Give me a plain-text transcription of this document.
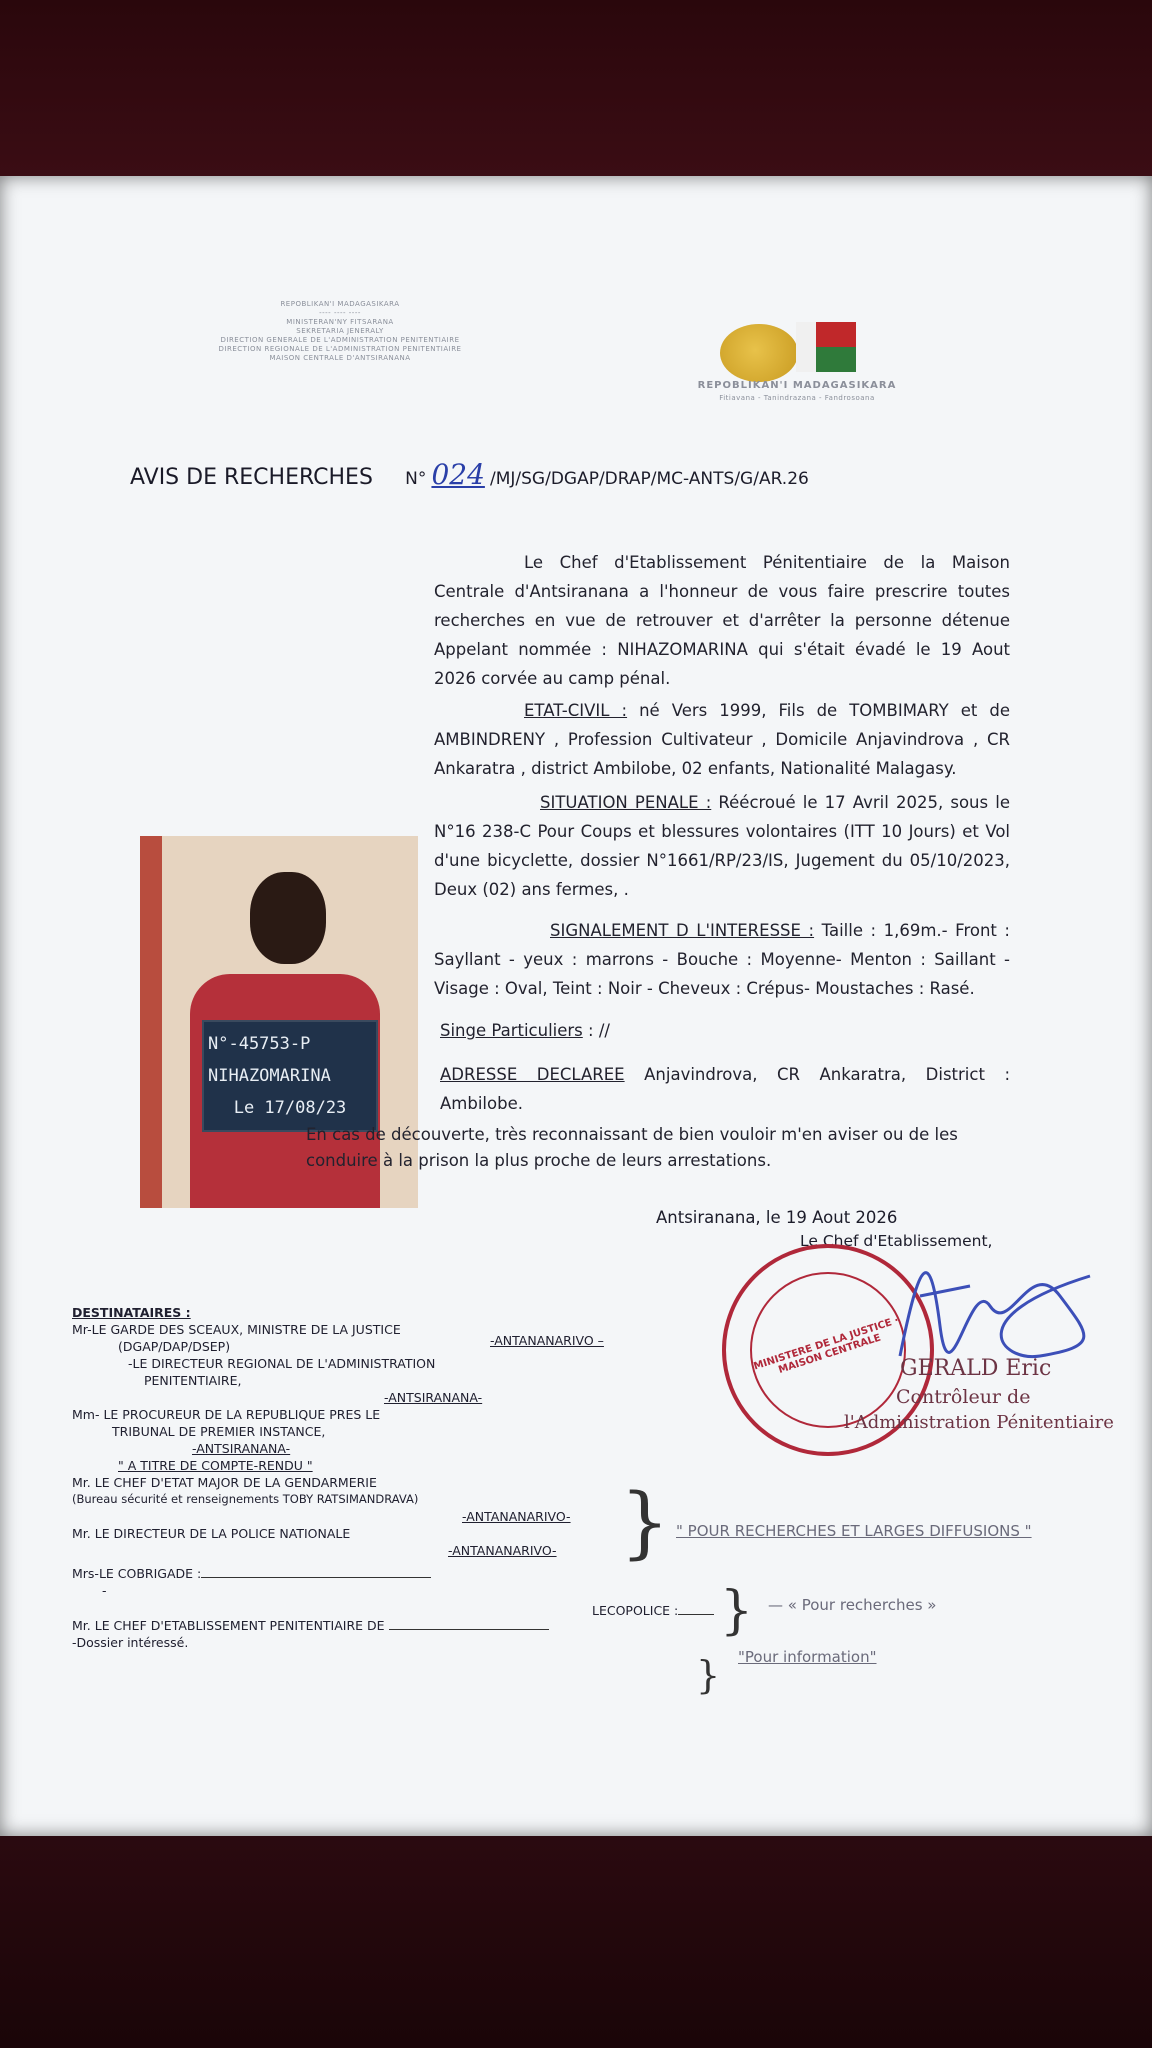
REPOBLIKAN'I MADAGASIKARA
---- ---- ----
MINISTERAN'NY FITSARANA
SEKRETARIA JENERALY
DIRECTION GENERALE DE L'ADMINISTRATION PENITENTIAIRE
DIRECTION REGIONALE DE L'ADMINISTRATION PENITENTIAIRE
MAISON CENTRALE D'ANTSIRANANA
REPOBLIKAN'I MADAGASIKARA
Fitiavana - Tanindrazana - Fandrosoana
AVIS DE RECHERCHES N° 024 /MJ/SG/DGAP/DRAP/MC-ANTS/G/AR.26
Le Chef d'Etablissement Pénitentiaire de la Maison Centrale d'Antsiranana a l'honneur de vous faire prescrire toutes recherches en vue de retrouver et d'arrêter la personne détenue Appelant nommée : NIHAZOMARINA qui s'était évadé le 19 Aout 2026 corvée au camp pénal.
N°-45753-P
NIHAZOMARINA
Le 17/08/23
ETAT-CIVIL : né Vers 1999, Fils de TOMBIMARY et de AMBINDRENY , Profession Cultivateur , Domicile Anjavindrova , CR Ankaratra , district Ambilobe, 02 enfants, Nationalité Malagasy.
SITUATION PENALE : Réécroué le 17 Avril 2025, sous le N°16 238-C Pour Coups et blessures volontaires (ITT 10 Jours) et Vol d'une bicyclette, dossier N°1661/RP/23/IS, Jugement du 05/10/2023, Deux (02) ans fermes, .
SIGNALEMENT D L'INTERESSE : Taille : 1,69m.- Front : Sayllant - yeux : marrons - Bouche : Moyenne- Menton : Saillant - Visage : Oval, Teint : Noir - Cheveux : Crépus- Moustaches : Rasé.
Singe Particuliers : //
ADRESSE DECLAREE Anjavindrova, CR Ankaratra, District : Ambilobe.
En cas de découverte, très reconnaissant de bien vouloir m'en aviser ou de les conduire à la prison la plus proche de leurs arrestations.
Antsiranana, le 19 Aout 2026
Le Chef d'Etablissement,
MINISTERE DE LA JUSTICE · MAISON CENTRALE GERALD Eric
Contrôleur de
l'Administration Pénitentiaire
DESTINATAIRES :
Mr-LE GARDE DES SCEAUX, MINISTRE DE LA JUSTICE
(DGAP/DAP/DSEP)	-ANTANANARIVO –
-LE DIRECTEUR REGIONAL DE L'ADMINISTRATION
PENITENTIAIRE,
-ANTSIRANANA-
Mm- LE PROCUREUR DE LA REPUBLIQUE PRES LE
TRIBUNAL DE PREMIER INSTANCE,
-ANTSIRANANA-
" A TITRE DE COMPTE-RENDU "
Mr. LE CHEF D'ETAT MAJOR DE LA GENDARMERIE
(Bureau sécurité et renseignements TOBY RATSIMANDRAVA)
-ANTANANARIVO-
Mr. LE DIRECTEUR DE LA POLICE NATIONALE
-ANTANANARIVO-
Mrs-LE COBRIGADE :
-
Mr. LE CHEF D'ETABLISSEMENT PENITENTIAIRE DE
-Dossier intéressé.
} " POUR RECHERCHES ET LARGES DIFFUSIONS "
LECOPOLICE : } — « Pour recherches »
} "Pour information"
